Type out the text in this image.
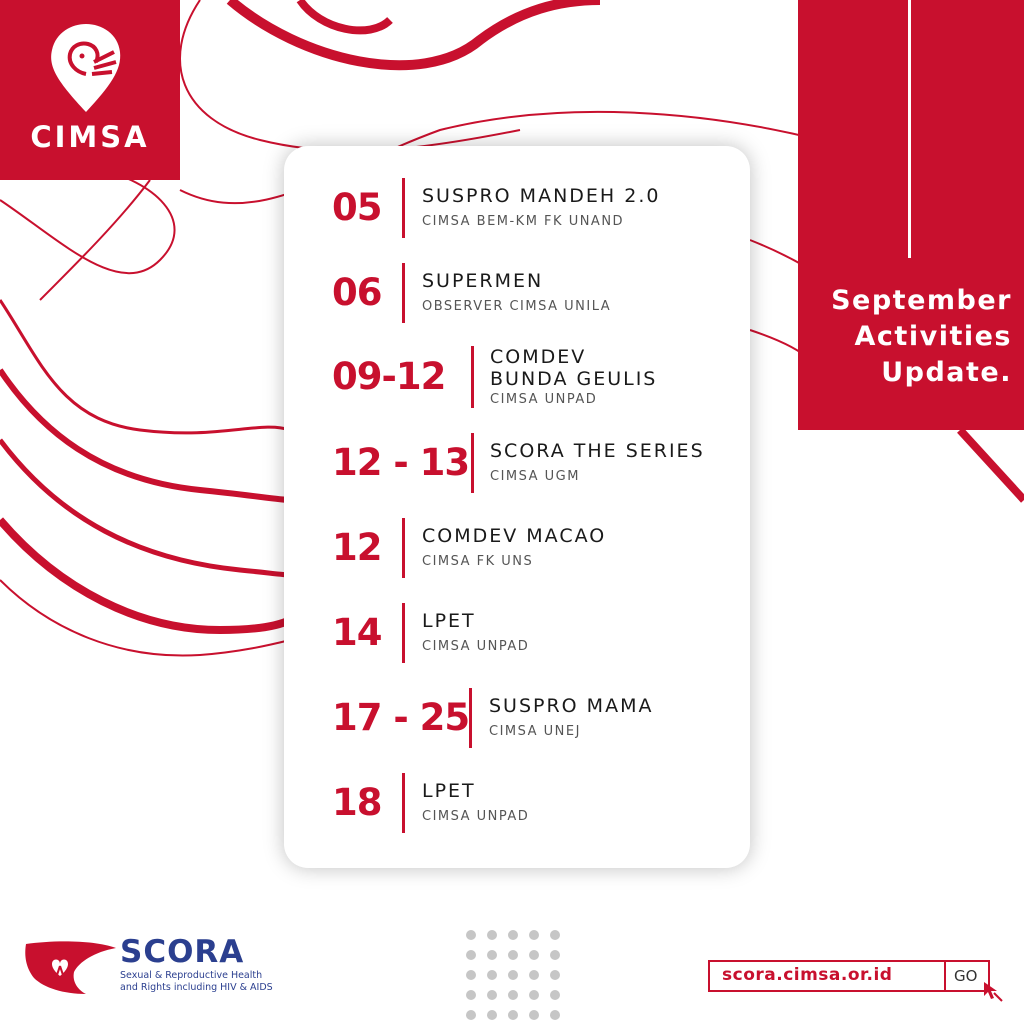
CIMSA
September
Activities
Update.
05 SUSPRO MANDEH 2.0
CIMSA BEM-KM FK UNAND
06 SUPERMEN
OBSERVER CIMSA UNILA
09-12 COMDEV
BUNDA GEULIS
CIMSA UNPAD
12 - 13 SCORA THE SERIES
CIMSA UGM
12 COMDEV MACAO
CIMSA FK UNS
14 LPET
CIMSA UNPAD
17 - 25 SUSPRO MAMA
CIMSA UNEJ
18 LPET
CIMSA UNPAD
SCORA
Sexual & Reproductive Health
and Rights including HIV & AIDS
scora.cimsa.or.id	GO
